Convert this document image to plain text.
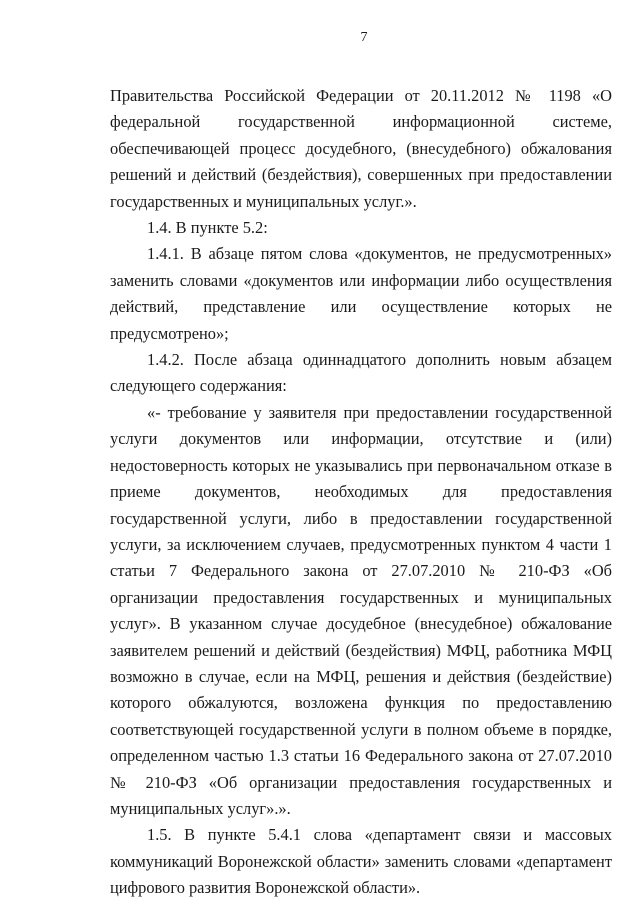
7

Правительства Российской Федерации от 20.11.2012 № 1198 «О федеральной государственной информационной системе, обеспечивающей процесс досудебного, (внесудебного) обжалования решений и действий (бездействия), совершенных при предоставлении государственных и муниципальных услуг.».

1.4. В пункте 5.2:

1.4.1. В абзаце пятом слова «документов, не предусмотренных» заменить словами «документов или информации либо осуществления действий, представление или осуществление которых не предусмотрено»;

1.4.2. После абзаца одиннадцатого дополнить новым абзацем следующего содержания:

«- требование у заявителя при предоставлении государственной услуги документов или информации, отсутствие и (или) недостоверность которых не указывались при первоначальном отказе в приеме документов, необходимых для предоставления государственной услуги, либо в предоставлении государственной услуги, за исключением случаев, предусмотренных пунктом 4 части 1 статьи 7 Федерального закона от 27.07.2010 № 210-ФЗ «Об организации предоставления государственных и муниципальных услуг». В указанном случае досудебное (внесудебное) обжалование заявителем решений и действий (бездействия) МФЦ, работника МФЦ возможно в случае, если на МФЦ, решения и действия (бездействие) которого обжалуются, возложена функция по предоставлению соответствующей государственной услуги в полном объеме в порядке, определенном частью 1.3 статьи 16 Федерального закона от 27.07.2010 № 210-ФЗ «Об организации предоставления государственных и муниципальных услуг».».

1.5. В пункте 5.4.1 слова «департамент связи и массовых коммуникаций Воронежской области» заменить словами «департамент цифрового развития Воронежской области».
